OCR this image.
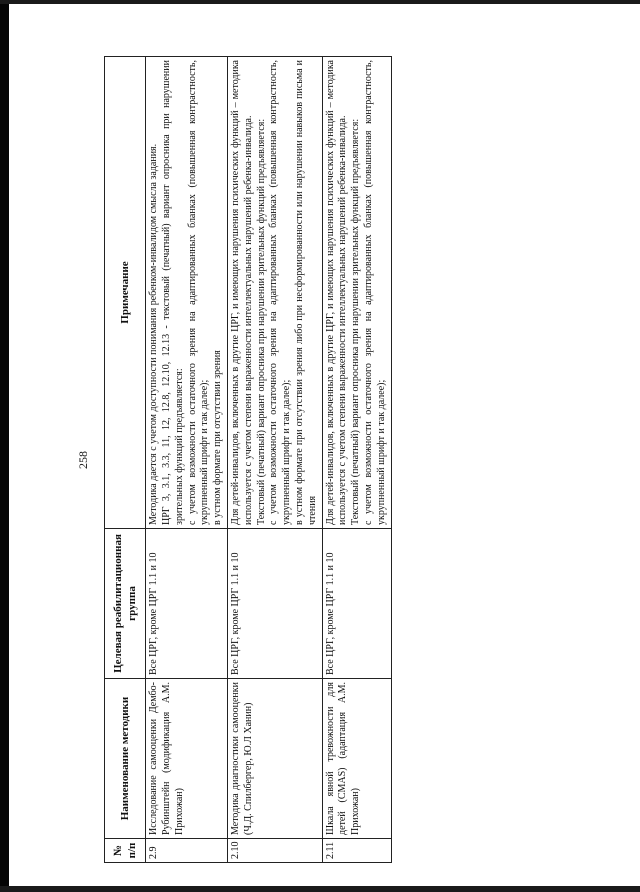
258
№ п/п	Наименование методики	Целевая реабилитационная группа	Примечание
2.9	Исследование самооценки Дембо-Рубинштейн (модификация А.М. Прихожан)	Все ЦРГ, кроме ЦРГ 1.1 и 10	Методика дается с учетом доступности понимания ребенком-инвалидом смысла задания. ЦРГ 3, 3.1, 3.3, 11, 12, 12.8, 12.10, 12.13 - текстовый (печатный) вариант опросника при нарушении зрительных функций предъявляется: с учетом возможности остаточного зрения на адаптированных бланках (повышенная контрастность, укрупненный шрифт и так далее); в устном формате при отсутствии зрения

2.10	Методика диагностики самооценки (Ч.Д. Спилбергер, Ю.Л Ханин)	Все ЦРГ, кроме ЦРГ 1.1 и 10	Для детей-инвалидов, включенных в другие ЦРГ, и имеющих нарушения психических функций – методика используется с учетом степени выраженности интеллектуальных нарушений ребенка-инвалида. Текстовый (печатный) вариант опросника при нарушении зрительных функций предъявляется: с учетом возможности остаточного зрения на адаптированных бланках (повышенная контрастность, укрупненный шрифт и так далее); в устном формате при отсутствии зрения либо при несформированности или нарушении навыков письма и чтения

2.11	Шкала явной тревожности для детей (CMAS) (адаптация А.М. Прихожан)	Все ЦРГ, кроме ЦРГ 1.1 и 10	Для детей-инвалидов, включенных в другие ЦРГ, и имеющих нарушения психических функций – методика используется с учетом степени выраженности интеллектуальных нарушений ребенка-инвалида. Текстовый (печатный) вариант опросника при нарушении зрительных функций предъявляется: с учетом возможности остаточного зрения на адаптированных бланках (повышенная контрастность, укрупненный шрифт и так далее);
